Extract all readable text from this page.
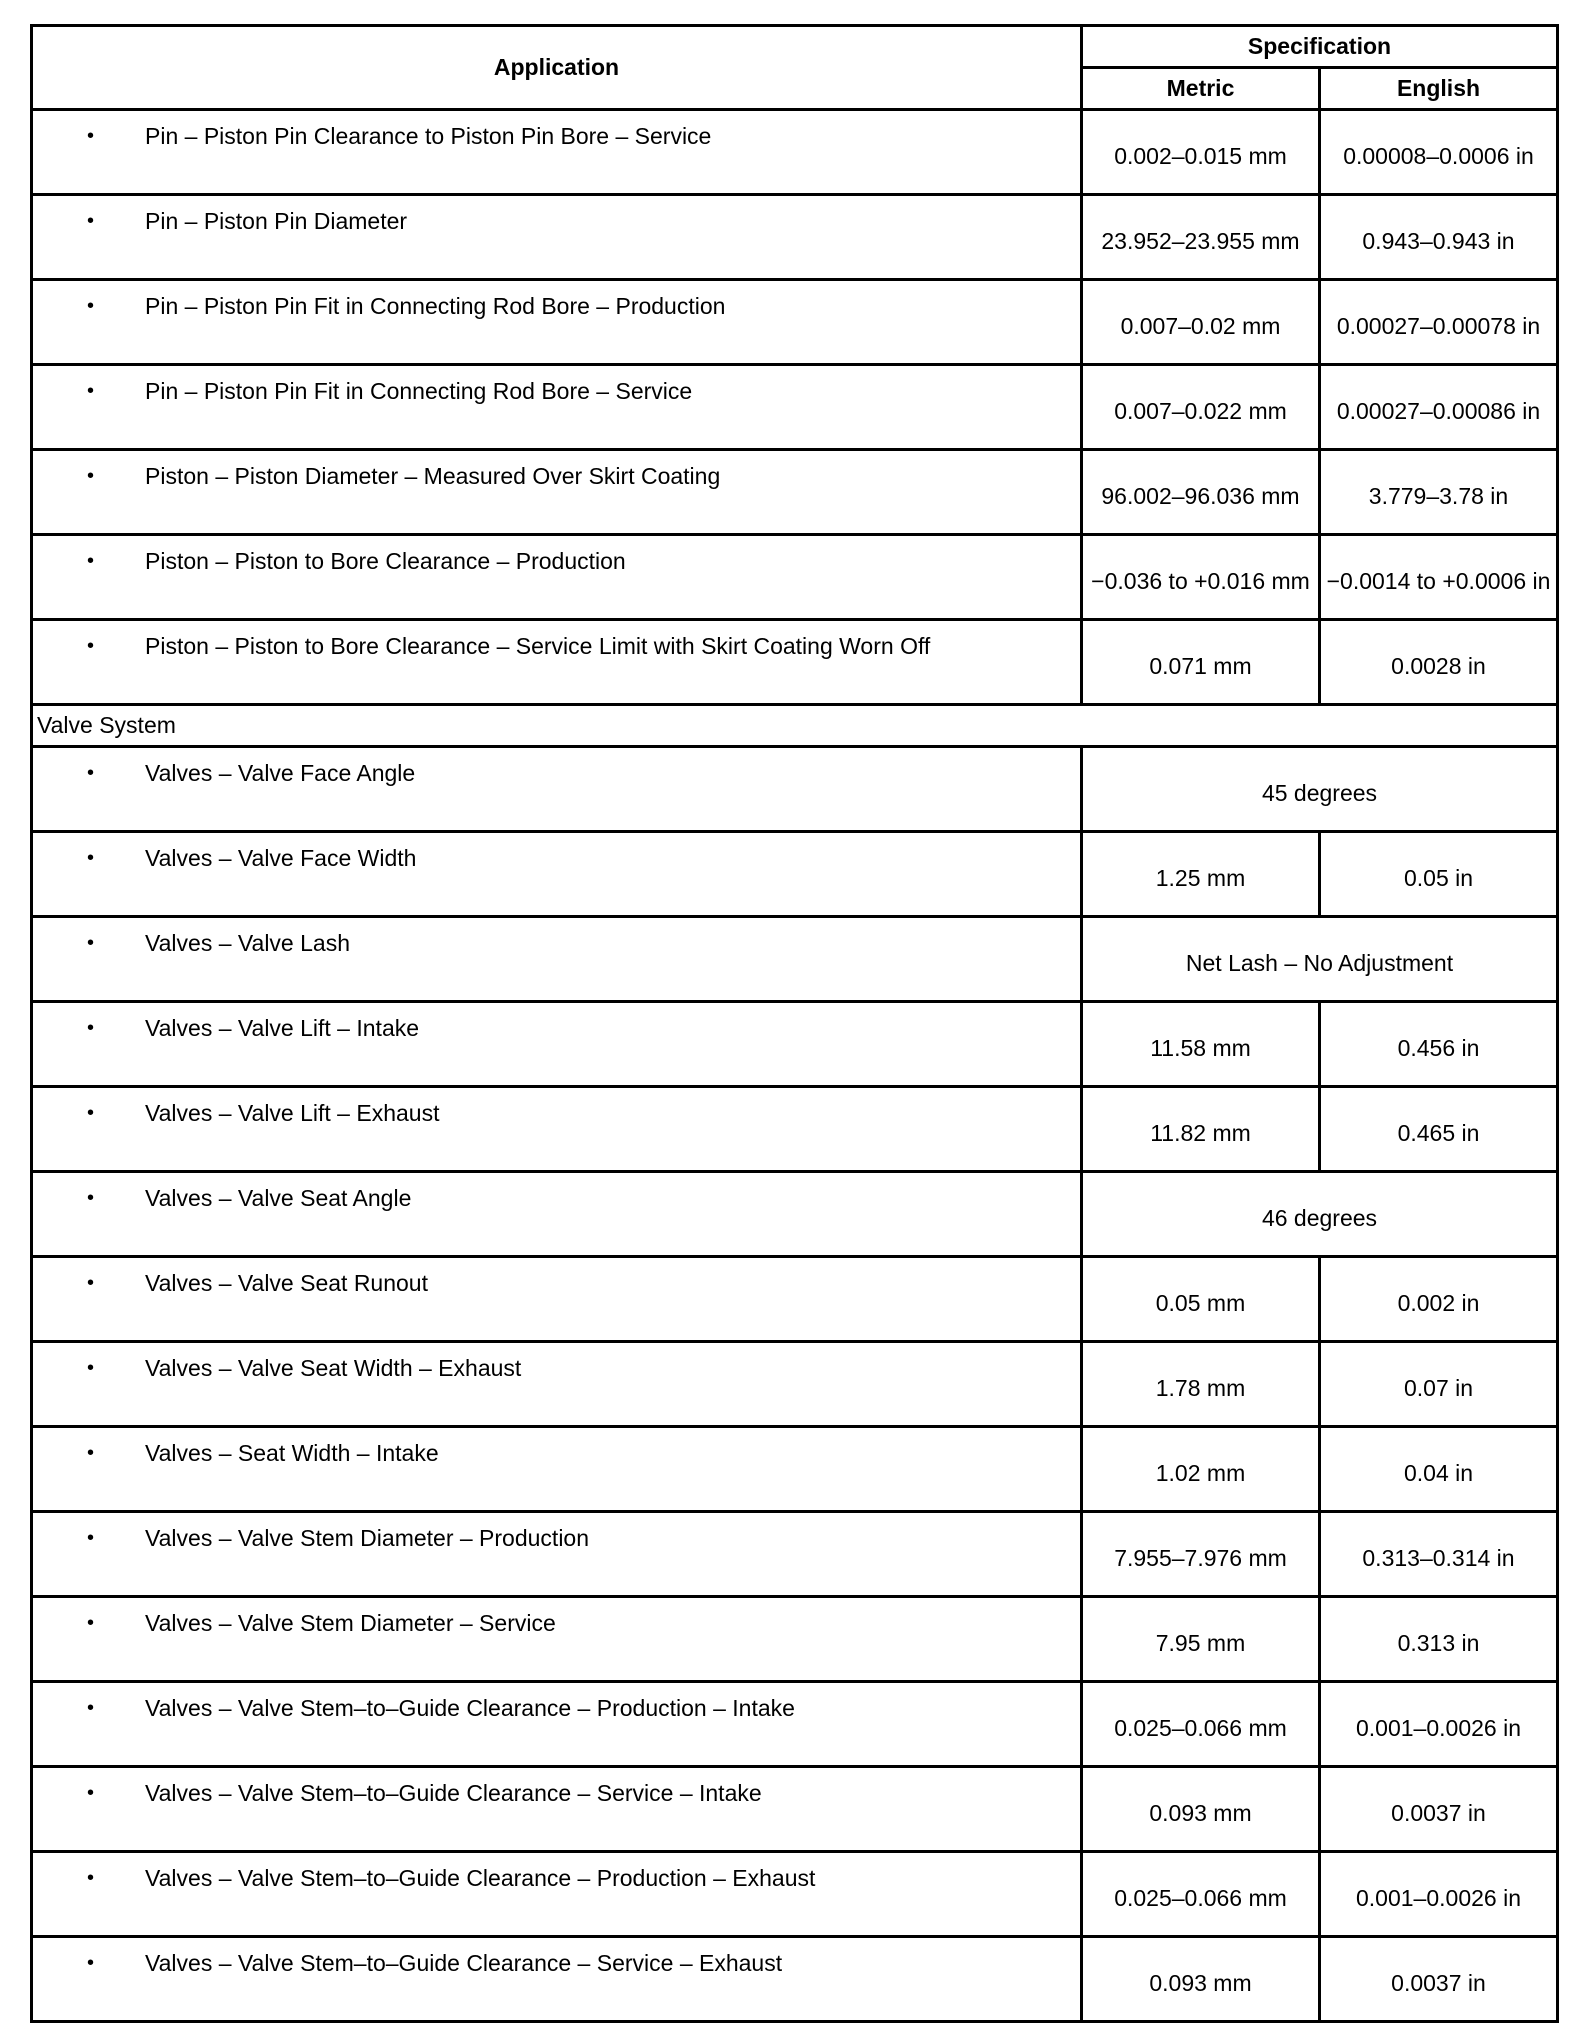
Application	Specification	
	Metric	English

• Pin – Piston Pin Clearance to Piston Pin Bore – Service	0.002–0.015 mm	0.00008–0.0006 in

• Pin – Piston Pin Diameter	23.952–23.955 mm	0.943–0.943 in

• Pin – Piston Pin Fit in Connecting Rod Bore – Production	0.007–0.02 mm	0.00027–0.00078 in

• Pin – Piston Pin Fit in Connecting Rod Bore – Service	0.007–0.022 mm	0.00027–0.00086 in

• Piston – Piston Diameter – Measured Over Skirt Coating	96.002–96.036 mm	3.779–3.78 in

• Piston – Piston to Bore Clearance – Production	−0.036 to +0.016 mm	−0.0014 to +0.0006 in

• Piston – Piston to Bore Clearance – Service Limit with Skirt Coating Worn Off	0.071 mm	0.0028 in
Valve System		

• Valves – Valve Face Angle	45 degrees	

• Valves – Valve Face Width	1.25 mm	0.05 in

• Valves – Valve Lash	Net Lash – No Adjustment	

• Valves – Valve Lift – Intake	11.58 mm	0.456 in

• Valves – Valve Lift – Exhaust	11.82 mm	0.465 in

• Valves – Valve Seat Angle	46 degrees	

• Valves – Valve Seat Runout	0.05 mm	0.002 in

• Valves – Valve Seat Width – Exhaust	1.78 mm	0.07 in

• Valves – Seat Width – Intake	1.02 mm	0.04 in

• Valves – Valve Stem Diameter – Production	7.955–7.976 mm	0.313–0.314 in

• Valves – Valve Stem Diameter – Service	7.95 mm	0.313 in

• Valves – Valve Stem–to–Guide Clearance – Production – Intake	0.025–0.066 mm	0.001–0.0026 in

• Valves – Valve Stem–to–Guide Clearance – Service – Intake	0.093 mm	0.0037 in

• Valves – Valve Stem–to–Guide Clearance – Production – Exhaust	0.025–0.066 mm	0.001–0.0026 in

• Valves – Valve Stem–to–Guide Clearance – Service – Exhaust	0.093 mm	0.0037 in
